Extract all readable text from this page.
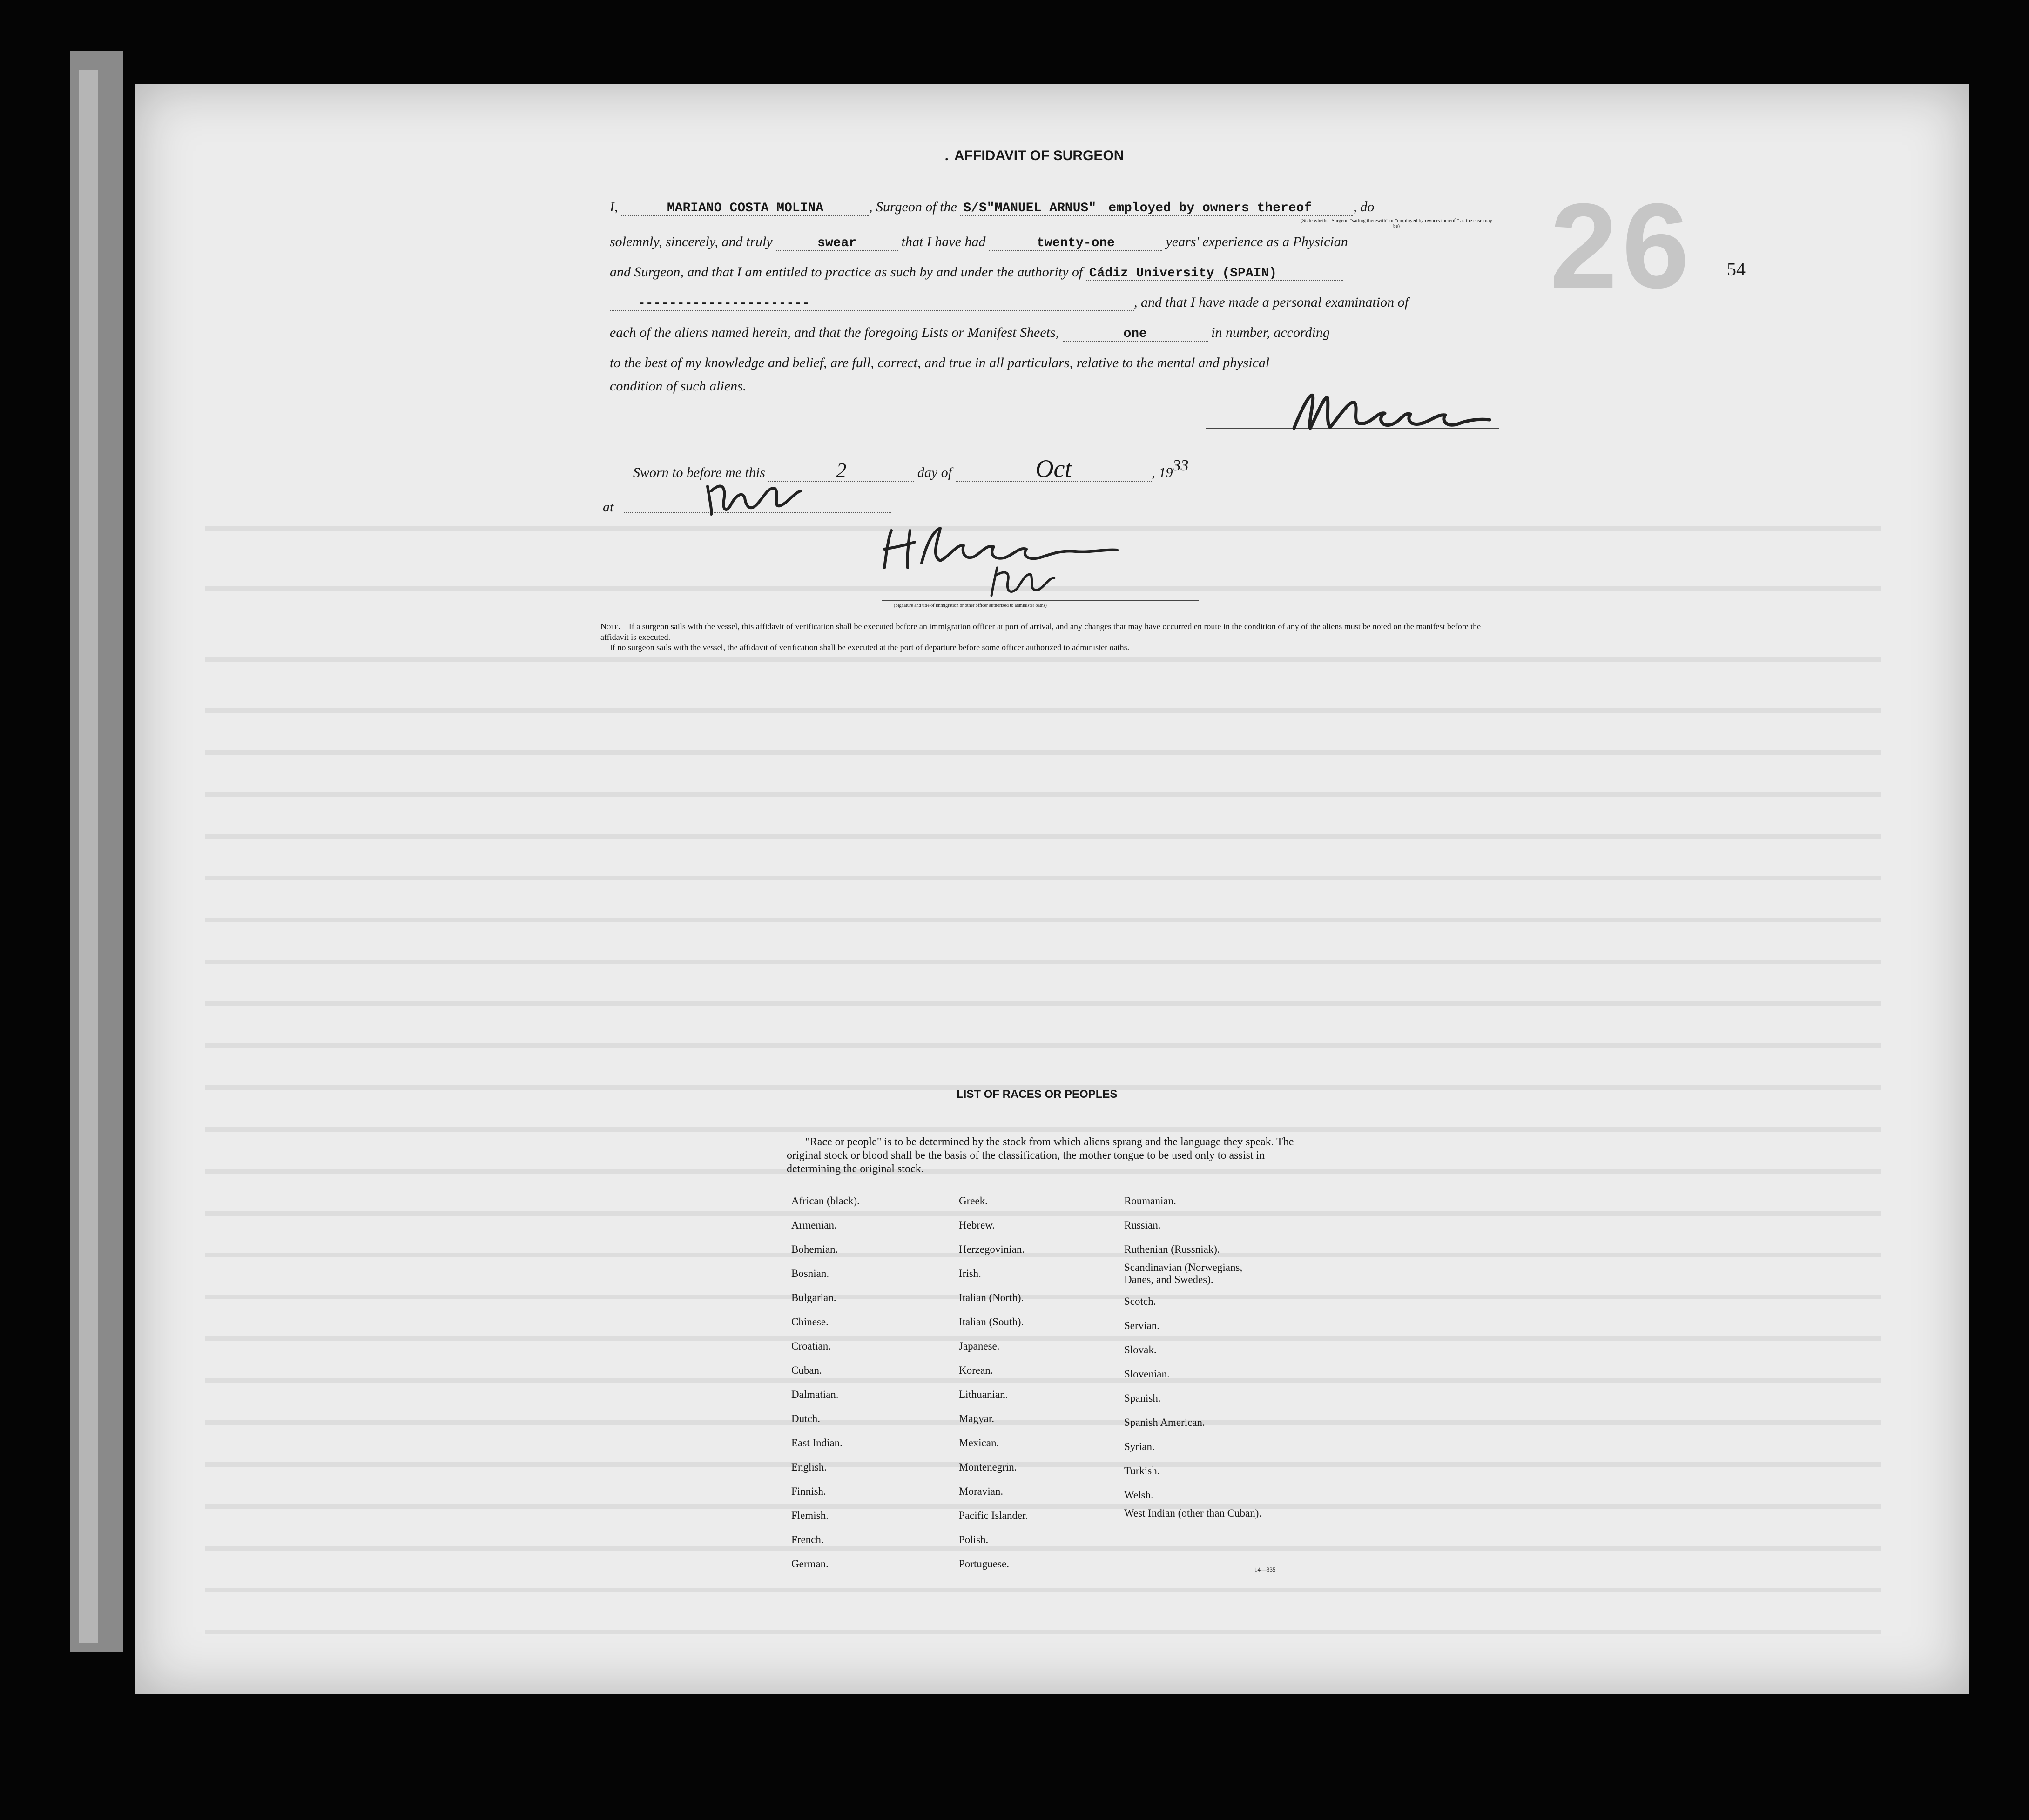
26
. AFFIDAVIT OF SURGEON
54
I,	MARIANO COSTA MOLINA	, Surgeon of the S/S"MANUEL ARNUS" employed by owners thereof	, do
(State whether Surgeon "sailing therewith" or "employed by owners thereof," as the case may be)
solemnly, sincerely, and truly	swear	that I have had	twenty-one	years' experience as a Physician
and Surgeon, and that I am entitled to practice as such by and under the authority of Cádiz University (SPAIN)
----------------------	, and that I have made a personal examination of
each of the aliens named herein, and that the foregoing Lists or Manifest Sheets,	one	in number, according
to the best of my knowledge and belief, are full, correct, and true in all particulars, relative to the mental and physical
condition of such aliens.
Sworn to before me this	2	day of	Oct	, 1933
at
(Signature and title of immigration or other officer authorized to administer oaths)
Note.—If a surgeon sails with the vessel, this affidavit of verification shall be executed before an immigration officer at port of arrival, and any changes that may have occurred en route in the condition of any of the aliens must be noted on the manifest before the affidavit is executed.
If no surgeon sails with the vessel, the affidavit of verification shall be executed at the port of departure before some officer authorized to administer oaths.
LIST OF RACES OR PEOPLES
"Race or people" is to be determined by the stock from which aliens sprang and the language they speak. The original stock or blood shall be the basis of the classification, the mother tongue to be used only to assist in determining the original stock.
African (black).
Armenian.
Bohemian.
Bosnian.
Bulgarian.
Chinese.
Croatian.
Cuban.
Dalmatian.
Dutch.
East Indian.
English.
Finnish.
Flemish.
French.
German.
Greek.
Hebrew.
Herzegovinian.
Irish.
Italian (North).
Italian (South).
Japanese.
Korean.
Lithuanian.
Magyar.
Mexican.
Montenegrin.
Moravian.
Pacific Islander.
Polish.
Portuguese.
Roumanian.
Russian.
Ruthenian (Russniak).
Scandinavian (Norwegians, Danes, and Swedes).
Scotch.
Servian.
Slovak.
Slovenian.
Spanish.
Spanish American.
Syrian.
Turkish.
Welsh.
West Indian (other than Cuban).
14—335
